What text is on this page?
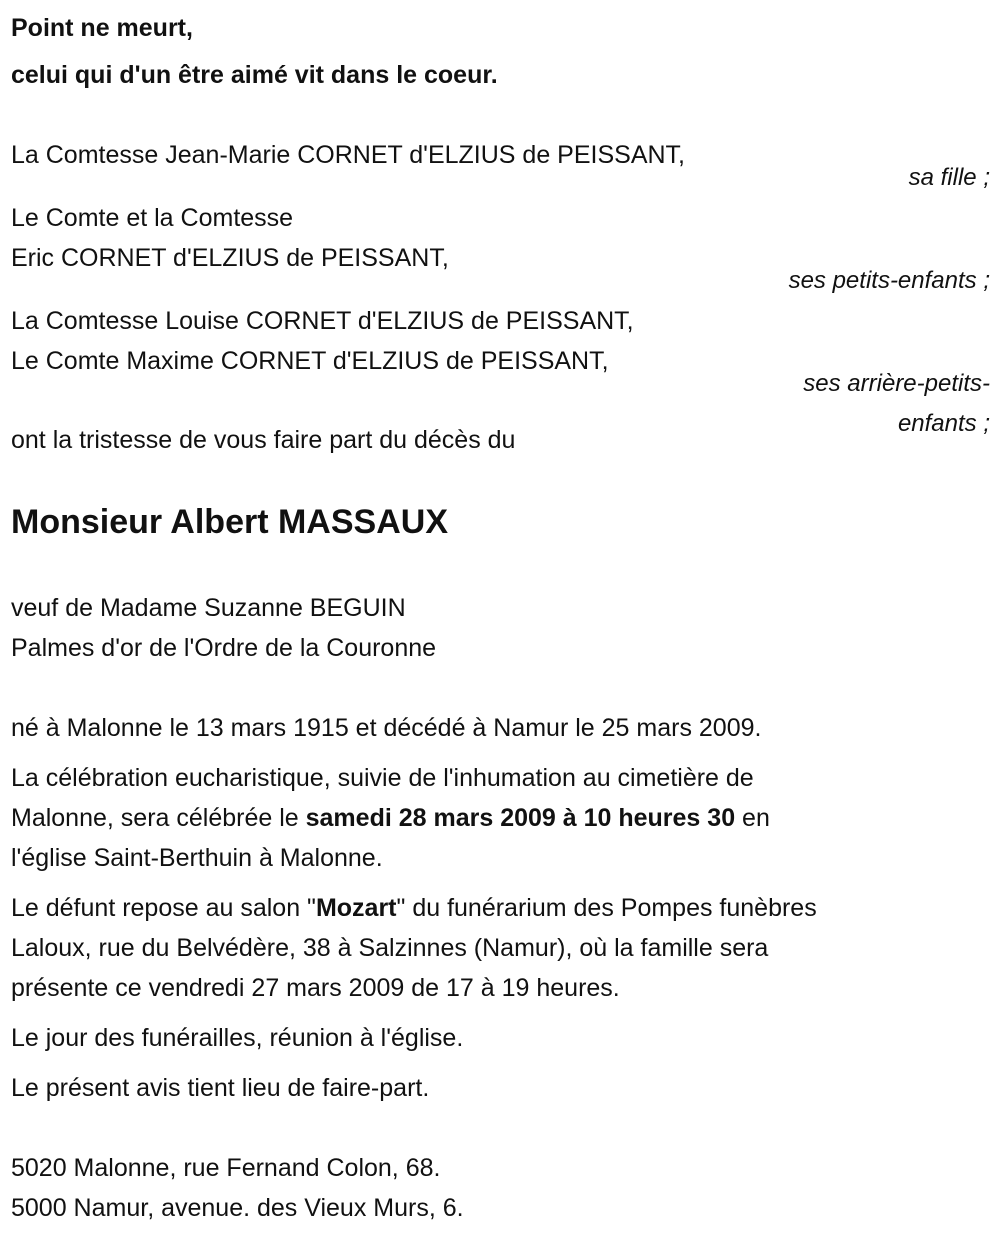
Point ne meurt,
celui qui d'un être aimé vit dans le coeur.
La Comtesse Jean-Marie CORNET d'ELZIUS de PEISSANT,
sa fille ;
Le Comte et la Comtesse
Eric CORNET d'ELZIUS de PEISSANT,
ses petits-enfants ;
La Comtesse Louise CORNET d'ELZIUS de PEISSANT,
Le Comte Maxime CORNET d'ELZIUS de PEISSANT,
ses arrière-petits-
enfants ;
ont la tristesse de vous faire part du décès du
Monsieur Albert MASSAUX
veuf de Madame Suzanne BEGUIN
Palmes d'or de l'Ordre de la Couronne
né à Malonne le 13 mars 1915 et décédé à Namur le 25 mars 2009.
La célébration eucharistique, suivie de l'inhumation au cimetière de
Malonne, sera célébrée le samedi 28 mars 2009 à 10 heures 30 en
l'église Saint-Berthuin à Malonne.
Le défunt repose au salon "Mozart" du funérarium des Pompes funèbres
Laloux, rue du Belvédère, 38 à Salzinnes (Namur), où la famille sera
présente ce vendredi 27 mars 2009 de 17 à 19 heures.
Le jour des funérailles, réunion à l'église.
Le présent avis tient lieu de faire-part.
5020 Malonne, rue Fernand Colon, 68.
5000 Namur, avenue. des Vieux Murs, 6.
